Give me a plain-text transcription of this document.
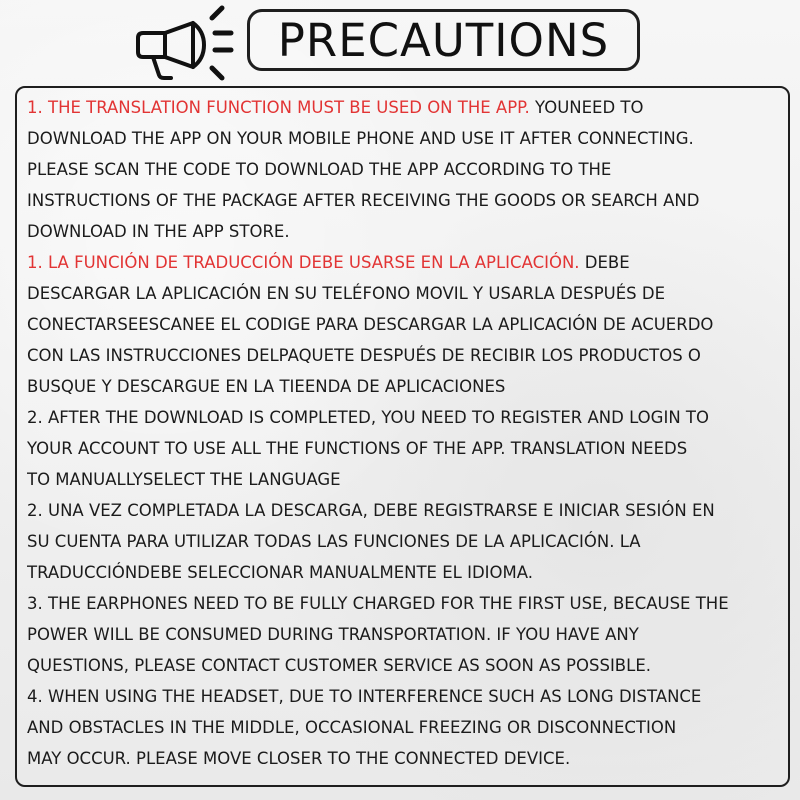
PRECAUTIONS
1. THE TRANSLATION FUNCTION MUST BE USED ON THE APP. YOUNEED TO
DOWNLOAD THE APP ON YOUR MOBILE PHONE AND USE IT AFTER CONNECTING.
PLEASE SCAN THE CODE TO DOWNLOAD THE APP ACCORDING TO THE
INSTRUCTIONS OF THE PACKAGE AFTER RECEIVING THE GOODS OR SEARCH AND
DOWNLOAD IN THE APP STORE.
1. LA FUNCIÓN DE TRADUCCIÓN DEBE USARSE EN LA APLICACIÓN. DEBE
DESCARGAR LA APLICACIÓN EN SU TELÉFONO MOVIL Y USARLA DESPUÉS DE
CONECTARSEESCANEE EL CODIGE PARA DESCARGAR LA APLICACIÓN DE ACUERDO
CON LAS INSTRUCCIONES DELPAQUETE DESPUÉS DE RECIBIR LOS PRODUCTOS O
BUSQUE Y DESCARGUE EN LA TIEENDA DE APLICACIONES
2. AFTER THE DOWNLOAD IS COMPLETED, YOU NEED TO REGISTER AND LOGIN TO
YOUR ACCOUNT TO USE ALL THE FUNCTIONS OF THE APP. TRANSLATION NEEDS
TO MANUALLYSELECT THE LANGUAGE
2. UNA VEZ COMPLETADA LA DESCARGA, DEBE REGISTRARSE E INICIAR SESIÓN EN
SU CUENTA PARA UTILIZAR TODAS LAS FUNCIONES DE LA APLICACIÓN. LA
TRADUCCIÓNDEBE SELECCIONAR MANUALMENTE EL IDIOMA.
3. THE EARPHONES NEED TO BE FULLY CHARGED FOR THE FIRST USE, BECAUSE THE
POWER WILL BE CONSUMED DURING TRANSPORTATION. IF YOU HAVE ANY
QUESTIONS, PLEASE CONTACT CUSTOMER SERVICE AS SOON AS POSSIBLE.
4. WHEN USING THE HEADSET, DUE TO INTERFERENCE SUCH AS LONG DISTANCE
AND OBSTACLES IN THE MIDDLE, OCCASIONAL FREEZING OR DISCONNECTION
MAY OCCUR. PLEASE MOVE CLOSER TO THE CONNECTED DEVICE.
